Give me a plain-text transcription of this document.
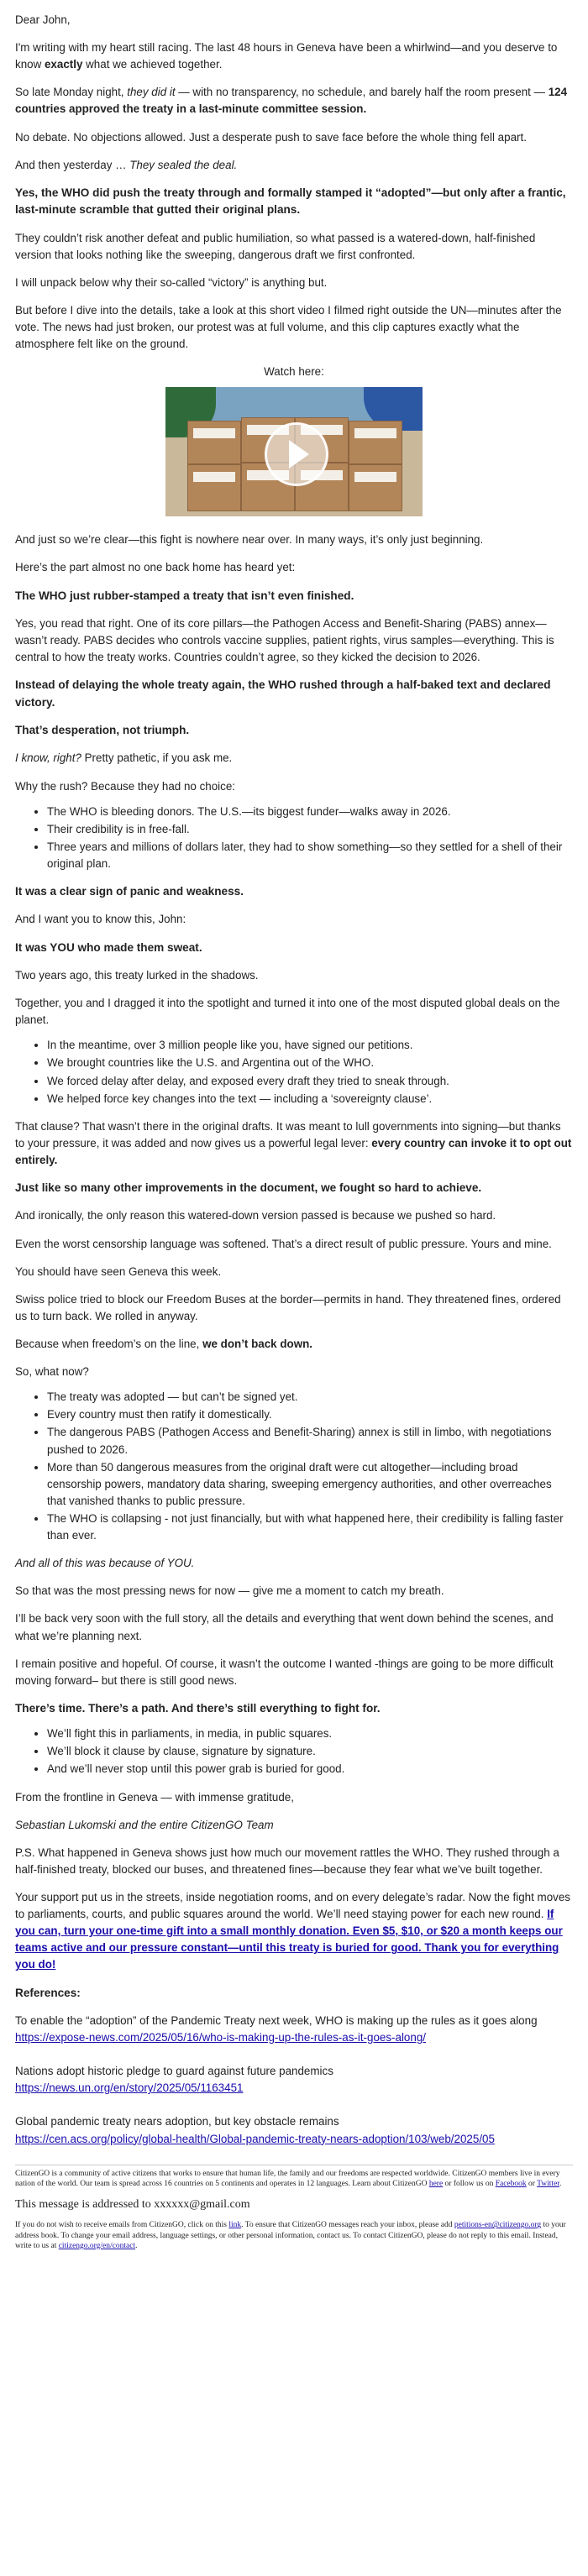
Dear John,

I'm writing with my heart still racing. The last 48 hours in Geneva have been a whirlwind—and you deserve to know exactly what we achieved together.

So late Monday night, they did it — with no transparency, no schedule, and barely half the room present — 124 countries approved the treaty in a last-minute committee session.

No debate. No objections allowed. Just a desperate push to save face before the whole thing fell apart.

And then yesterday … They sealed the deal.

Yes, the WHO did push the treaty through and formally stamped it “adopted”—but only after a frantic, last-minute scramble that gutted their original plans.

They couldn’t risk another defeat and public humiliation, so what passed is a watered-down, half-finished version that looks nothing like the sweeping, dangerous draft we first confronted.

I will unpack below why their so-called “victory” is anything but.

But before I dive into the details, take a look at this short video I filmed right outside the UN—minutes after the vote. The news had just broken, our protest was at full volume, and this clip captures exactly what the atmosphere felt like on the ground.

Watch here:

And just so we’re clear—this fight is nowhere near over. In many ways, it’s only just beginning.

Here’s the part almost no one back home has heard yet:

The WHO just rubber-stamped a treaty that isn’t even finished.

Yes, you read that right. One of its core pillars—the Pathogen Access and Benefit-Sharing (PABS) annex—wasn’t ready. PABS decides who controls vaccine supplies, patient rights, virus samples—everything. This is central to how the treaty works. Countries couldn’t agree, so they kicked the decision to 2026.

Instead of delaying the whole treaty again, the WHO rushed through a half-baked text and declared victory.

That’s desperation, not triumph.

I know, right? Pretty pathetic, if you ask me.

Why the rush? Because they had no choice:

• The WHO is bleeding donors. The U.S.—its biggest funder—walks away in 2026.
• Their credibility is in free-fall.
• Three years and millions of dollars later, they had to show something—so they settled for a shell of their original plan.

It was a clear sign of panic and weakness.

And I want you to know this, John:

It was YOU who made them sweat.

Two years ago, this treaty lurked in the shadows.

Together, you and I dragged it into the spotlight and turned it into one of the most disputed global deals on the planet.

• In the meantime, over 3 million people like you, have signed our petitions.
• We brought countries like the U.S. and Argentina out of the WHO.
• We forced delay after delay, and exposed every draft they tried to sneak through.
• We helped force key changes into the text — including a ‘sovereignty clause’.

That clause? That wasn’t there in the original drafts. It was meant to lull governments into signing—but thanks to your pressure, it was added and now gives us a powerful legal lever: every country can invoke it to opt out entirely.

Just like so many other improvements in the document, we fought so hard to achieve.

And ironically, the only reason this watered-down version passed is because we pushed so hard.

Even the worst censorship language was softened. That’s a direct result of public pressure. Yours and mine.

You should have seen Geneva this week.

Swiss police tried to block our Freedom Buses at the border—permits in hand. They threatened fines, ordered us to turn back. We rolled in anyway.

Because when freedom’s on the line, we don’t back down.

So, what now?

• The treaty was adopted — but can’t be signed yet.
• Every country must then ratify it domestically.
• The dangerous PABS (Pathogen Access and Benefit-Sharing) annex is still in limbo, with negotiations pushed to 2026.
• More than 50 dangerous measures from the original draft were cut altogether—including broad censorship powers, mandatory data sharing, sweeping emergency authorities, and other overreaches that vanished thanks to public pressure.
• The WHO is collapsing - not just financially, but with what happened here, their credibility is falling faster than ever.

And all of this was because of YOU.

So that was the most pressing news for now — give me a moment to catch my breath.

I’ll be back very soon with the full story, all the details and everything that went down behind the scenes, and what we’re planning next.

I remain positive and hopeful. Of course, it wasn’t the outcome I wanted -things are going to be more difficult moving forward– but there is still good news.

There’s time. There’s a path. And there’s still everything to fight for.

• We’ll fight this in parliaments, in media, in public squares.
• We’ll block it clause by clause, signature by signature.
• And we’ll never stop until this power grab is buried for good.

From the frontline in Geneva — with immense gratitude,

Sebastian Lukomski and the entire CitizenGO Team

P.S. What happened in Geneva shows just how much our movement rattles the WHO. They rushed through a half-finished treaty, blocked our buses, and threatened fines—because they fear what we’ve built together.

Your support put us in the streets, inside negotiation rooms, and on every delegate’s radar. Now the fight moves to parliaments, courts, and public squares around the world. We’ll need staying power for each new round. If you can, turn your one-time gift into a small monthly donation. Even $5, $10, or $20 a month keeps our teams active and our pressure constant—until this treaty is buried for good. Thank you for everything you do!

References:

To enable the “adoption” of the Pandemic Treaty next week, WHO is making up the rules as it goes along
https://expose-news.com/2025/05/16/who-is-making-up-the-rules-as-it-goes-along/

Nations adopt historic pledge to guard against future pandemics
https://news.un.org/en/story/2025/05/1163451

Global pandemic treaty nears adoption, but key obstacle remains
https://cen.acs.org/policy/global-health/Global-pandemic-treaty-nears-adoption/103/web/2025/05

CitizenGO is a community of active citizens that works to ensure that human life, the family and our freedoms are respected worldwide. CitizenGO members live in every nation of the world. Our team is spread across 16 countries on 5 continents and operates in 12 languages. Learn about CitizenGO here or follow us on Facebook or Twitter.

This message is addressed to xxxxxx@gmail.com

If you do not wish to receive emails from CitizenGO, click on this link. To ensure that CitizenGO messages reach your inbox, please add petitions-en@citizengo.org to your address book. To change your email address, language settings, or other personal information, contact us. To contact CitizenGO, please do not reply to this email. Instead, write to us at citizengo.org/en/contact.
